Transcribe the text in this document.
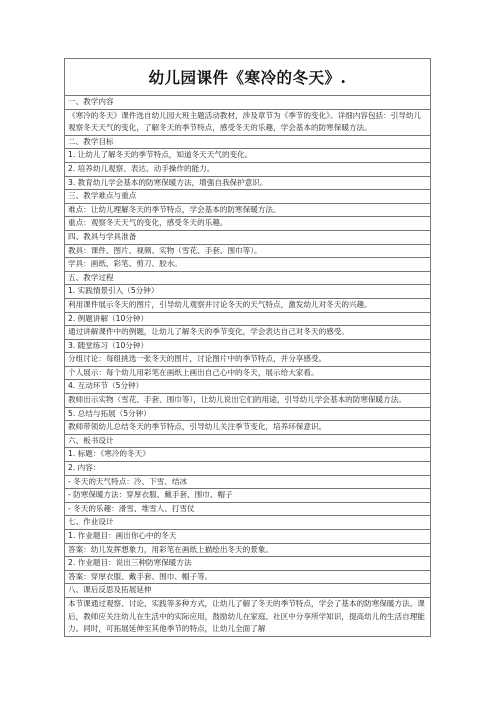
幼儿园课件《寒冷的冬天》.
一、教学内容
《寒冷的冬天》课件选自幼儿园大班主题活动教材，涉及章节为《季节的变化》。详细内容包括：引导幼儿观察冬天天气的变化，了解冬天的季节特点，感受冬天的乐趣，学会基本的防寒保暖方法。
二、教学目标
1. 让幼儿了解冬天的季节特点，知道冬天天气的变化。
2. 培养幼儿观察、表达、动手操作的能力。
3. 教育幼儿学会基本的防寒保暖方法，增强自我保护意识。
三、教学难点与重点
难点：让幼儿理解冬天的季节特点，学会基本的防寒保暖方法。
重点：观察冬天天气的变化，感受冬天的乐趣。
四、教具与学具准备
教具：课件、图片、视频、实物（雪花、手套、围巾等）。
学具：画纸、彩笔、剪刀、胶水。
五、教学过程
1. 实践情景引入（5分钟）
利用课件展示冬天的图片，引导幼儿观察并讨论冬天的天气特点，激发幼儿对冬天的兴趣。
2. 例题讲解（10分钟）
通过讲解课件中的例题，让幼儿了解冬天的季节变化，学会表达自己对冬天的感受。
3. 随堂练习（10分钟）
分组讨论：每组挑选一张冬天的图片，讨论图片中的季节特点，并分享感受。
个人展示：每个幼儿用彩笔在画纸上画出自己心中的冬天，展示给大家看。
4. 互动环节（5分钟）
教师出示实物（雪花、手套、围巾等），让幼儿说出它们的用途，引导幼儿学会基本的防寒保暖方法。
5. 总结与拓展（5分钟）
教师带领幼儿总结冬天的季节特点，引导幼儿关注季节变化，培养环保意识。
六、板书设计
1. 标题：《寒冷的冬天》
2. 内容：
- 冬天的天气特点：冷、下雪、结冰
- 防寒保暖方法：穿厚衣服、戴手套、围巾、帽子
- 冬天的乐趣：滑雪、堆雪人、打雪仗
七、作业设计
1. 作业题目：画出你心中的冬天
答案：幼儿发挥想象力，用彩笔在画纸上描绘出冬天的景象。
2. 作业题目：说出三种防寒保暖方法
答案：穿厚衣服、戴手套、围巾、帽子等。
八、课后反思及拓展延伸
本节课通过观察、讨论、实践等多种方式，让幼儿了解了冬天的季节特点，学会了基本的防寒保暖方法。课后，教师应关注幼儿在生活中的实际应用，鼓励幼儿在家庭、社区中分享所学知识，提高幼儿的生活自理能力。同时，可拓展延伸至其他季节的特点，让幼儿全面了解
